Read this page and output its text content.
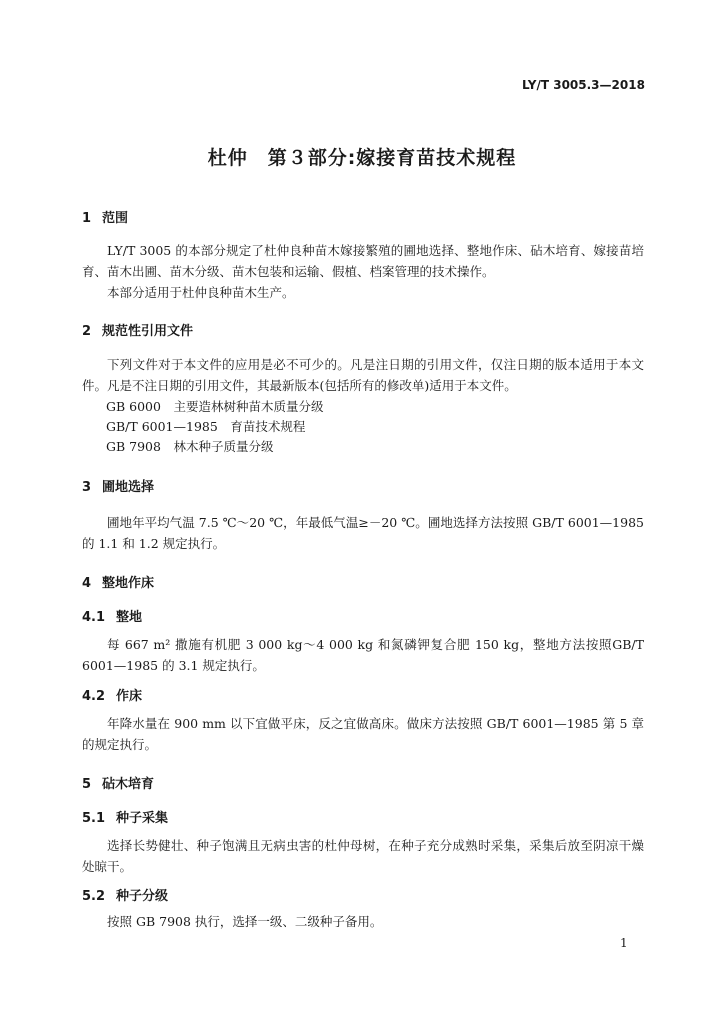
LY/T 3005.3—2018
杜仲　第３部分:嫁接育苗技术规程
1 范围
LY/T 3005 的本部分规定了杜仲良种苗木嫁接繁殖的圃地选择、整地作床、砧木培育、嫁接苗培育、苗木出圃、苗木分级、苗木包装和运输、假植、档案管理的技术操作。
本部分适用于杜仲良种苗木生产。
2 规范性引用文件
下列文件对于本文件的应用是必不可少的。凡是注日期的引用文件，仅注日期的版本适用于本文件。凡是不注日期的引用文件，其最新版本(包括所有的修改单)适用于本文件。
GB 6000　 主要造林树种苗木质量分级
GB/T 6001—1985　 育苗技术规程
GB 7908　 林木种子质量分级
3 圃地选择
圃地年平均气温 7.5 ℃～20 ℃，年最低气温≥－20 ℃。圃地选择方法按照 GB/T 6001—1985 的 1.1 和 1.2 规定执行。
4 整地作床
4.1 整地
每 667 m² 撒施有机肥 3 000 kg～4 000 kg 和氮磷钾复合肥 150 kg，整地方法按照GB/T 6001—1985 的 3.1 规定执行。
4.2 作床
年降水量在 900 mm 以下宜做平床，反之宜做高床。做床方法按照 GB/T 6001—1985 第 5 章的规定执行。
5 砧木培育
5.1 种子采集
选择长势健壮、种子饱满且无病虫害的杜仲母树，在种子充分成熟时采集，采集后放至阴凉干燥处晾干。
5.2 种子分级
按照 GB 7908 执行，选择一级、二级种子备用。
1
